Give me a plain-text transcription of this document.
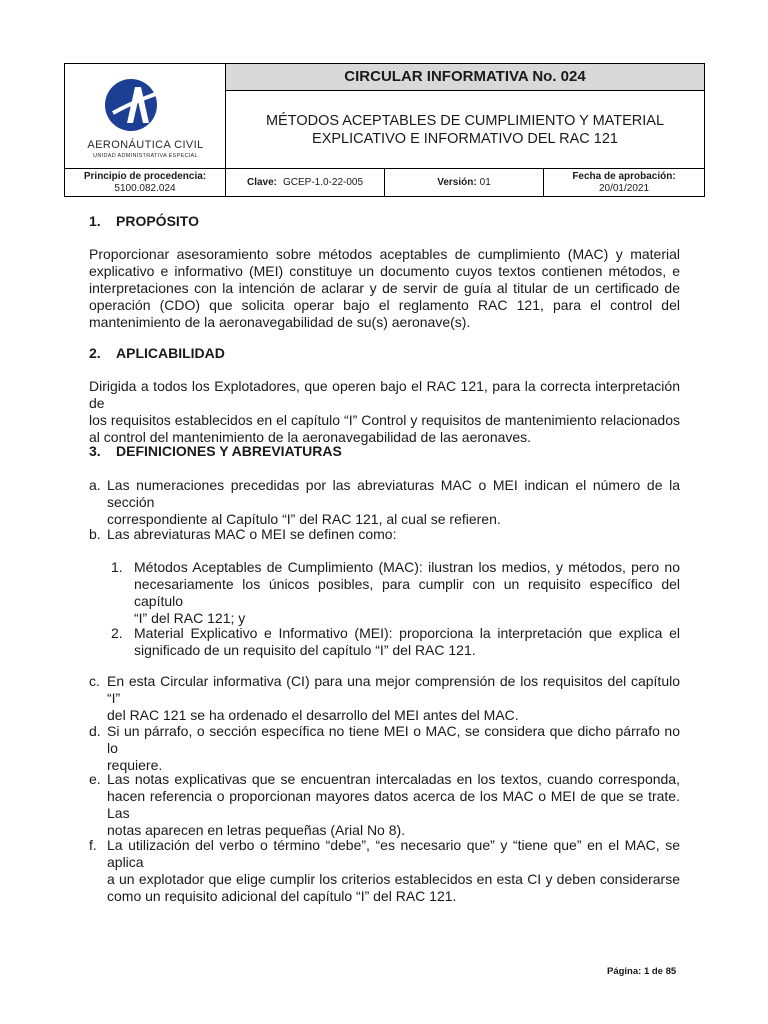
AERONÁUTICA CIVIL
UNIDAD ADMINISTRATIVA ESPECIAL
CIRCULAR INFORMATIVA No. 024
MÉTODOS ACEPTABLES DE CUMPLIMIENTO Y MATERIAL
EXPLICATIVO E INFORMATIVO DEL RAC 121
Principio de procedencia:
5100.082.024	Clave: GCEP-1.0-22-005	Versión: 01
Fecha de aprobación:
20/01/2021
1. PROPÓSITO
Proporcionar asesoramiento sobre métodos aceptables de cumplimiento (MAC) y material
explicativo e informativo (MEI) constituye un documento cuyos textos contienen métodos, e
interpretaciones con la intención de aclarar y de servir de guía al titular de un certificado de
operación (CDO) que solicita operar bajo el reglamento RAC 121, para el control del
mantenimiento de la aeronavegabilidad de su(s) aeronave(s).
2. APLICABILIDAD
Dirigida a todos los Explotadores, que operen bajo el RAC 121, para la correcta interpretación de
los requisitos establecidos en el capítulo “I” Control y requisitos de mantenimiento relacionados
al control del mantenimiento de la aeronavegabilidad de las aeronaves.
3. DEFINICIONES Y ABREVIATURAS
a. Las numeraciones precedidas por las abreviaturas MAC o MEI indican el número de la sección
correspondiente al Capítulo “I” del RAC 121, al cual se refieren.
b. Las abreviaturas MAC o MEI se definen como:
1. Métodos Aceptables de Cumplimiento (MAC): ilustran los medios, y métodos, pero no
necesariamente los únicos posibles, para cumplir con un requisito específico del capítulo
“I” del RAC 121; y
2. Material Explicativo e Informativo (MEI): proporciona la interpretación que explica el
significado de un requisito del capítulo “I” del RAC 121.
c. En esta Circular informativa (CI) para una mejor comprensión de los requisitos del capítulo “I”
del RAC 121 se ha ordenado el desarrollo del MEI antes del MAC.
d. Si un párrafo, o sección específica no tiene MEI o MAC, se considera que dicho párrafo no lo
requiere.
e. Las notas explicativas que se encuentran intercaladas en los textos, cuando corresponda,
hacen referencia o proporcionan mayores datos acerca de los MAC o MEI de que se trate. Las
notas aparecen en letras pequeñas (Arial No 8).
f. La utilización del verbo o término “debe”, “es necesario que” y “tiene que” en el MAC, se aplica
a un explotador que elige cumplir los criterios establecidos en esta CI y deben considerarse
como un requisito adicional del capítulo “I” del RAC 121.
Página: 1 de 85
